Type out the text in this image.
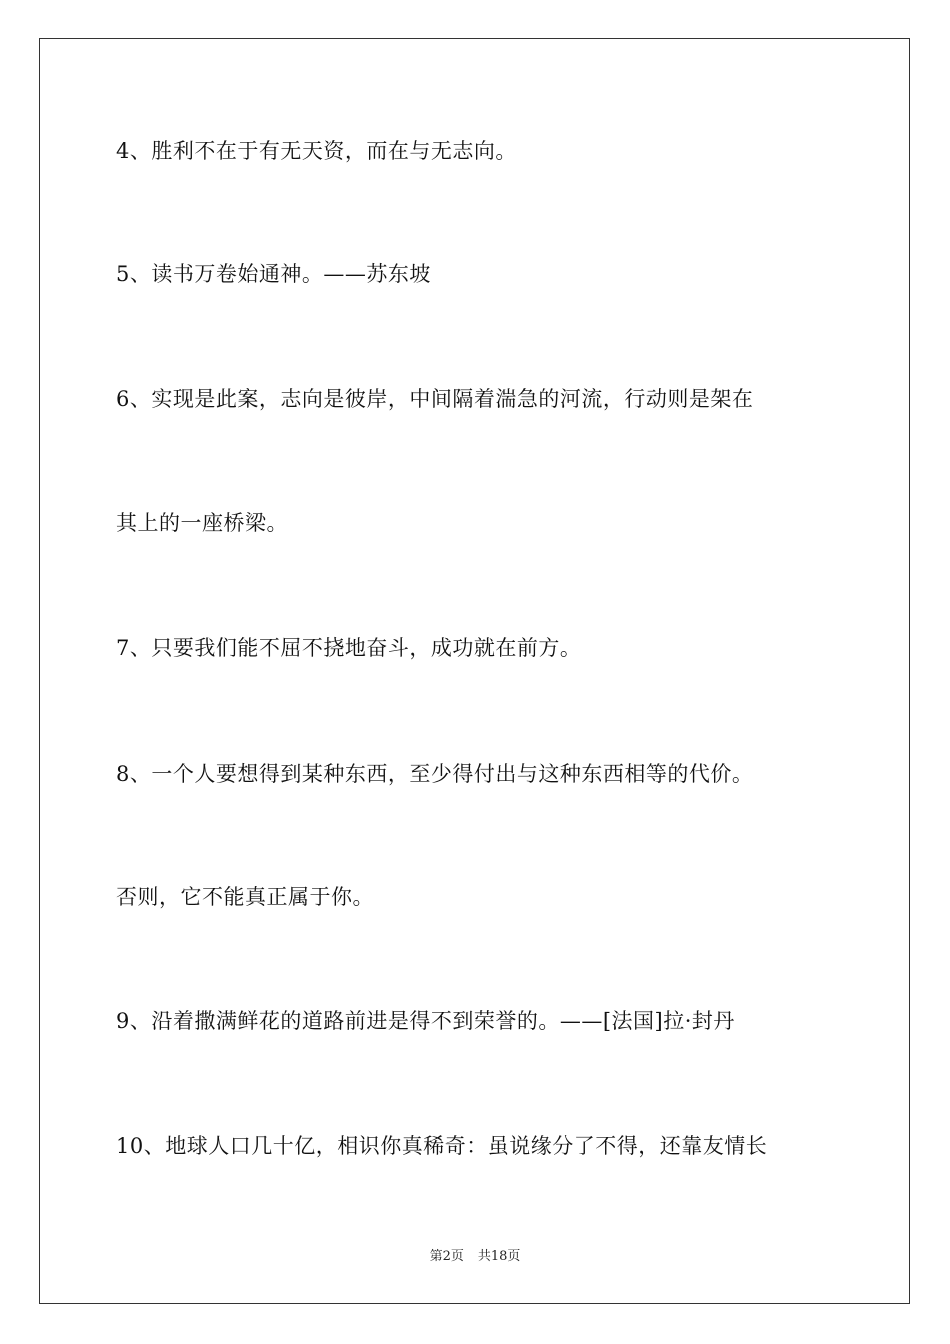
4、胜利不在于有无天资，而在与无志向。
5、读书万卷始通神。——苏东坡
6、实现是此案，志向是彼岸，中间隔着湍急的河流，行动则是架在
其上的一座桥梁。
7、只要我们能不屈不挠地奋斗，成功就在前方。
8、一个人要想得到某种东西，至少得付出与这种东西相等的代价。
否则，它不能真正属于你。
9、沿着撒满鲜花的道路前进是得不到荣誉的。——[法国]拉·封丹
10、地球人口几十亿，相识你真稀奇：虽说缘分了不得，还靠友情长
第2页 共18页
